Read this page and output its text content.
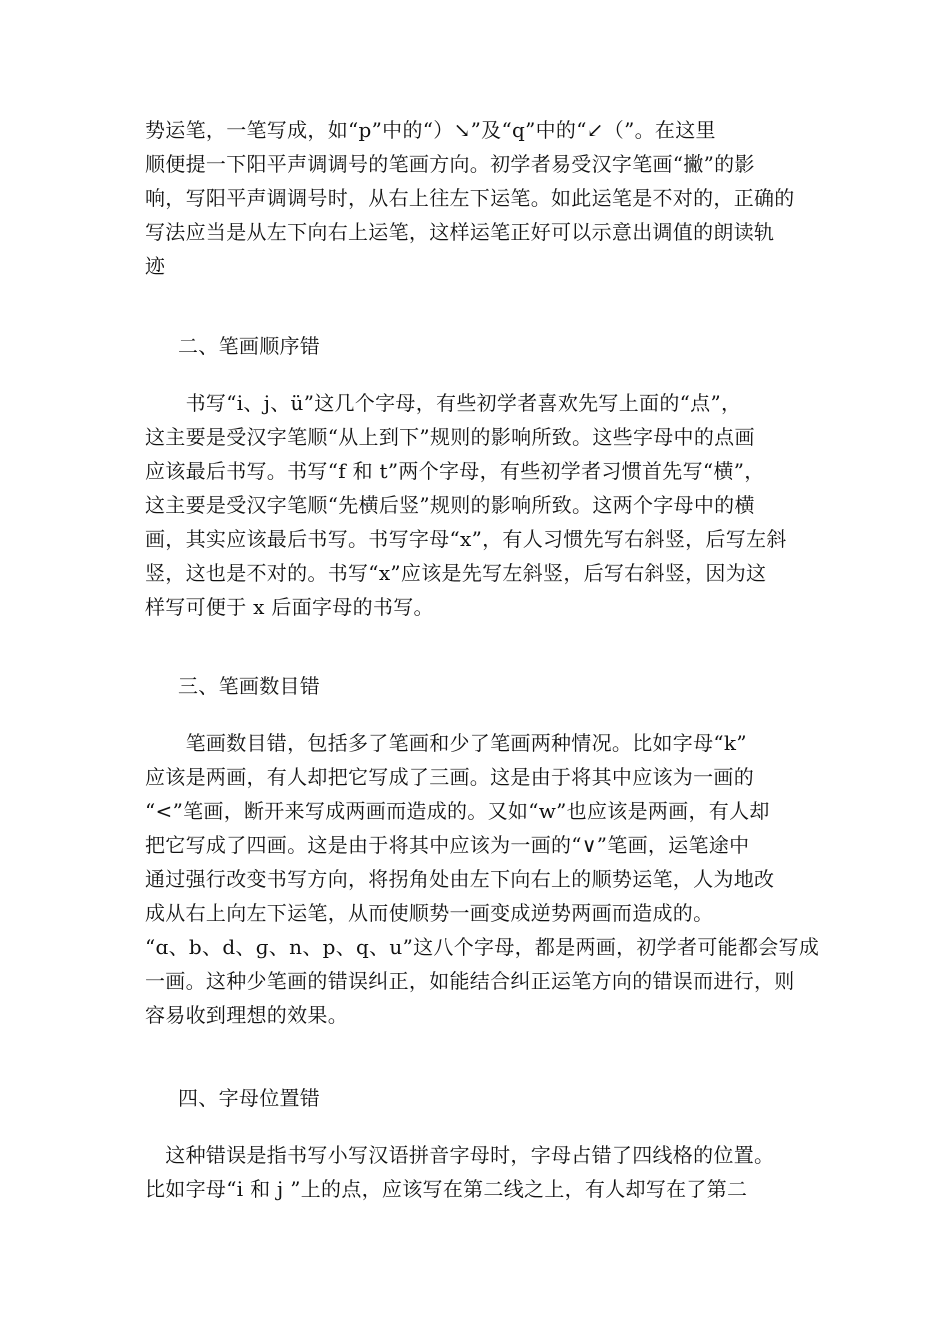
势运笔，一笔写成，如“p”中的“）↘”及“q”中的“↙（”。在这里
顺便提一下阳平声调调号的笔画方向。初学者易受汉字笔画“撇”的影
响，写阳平声调调号时，从右上往左下运笔。如此运笔是不对的，正确的
写法应当是从左下向右上运笔，这样运笔正好可以示意出调值的朗读轨
迹
二、笔画顺序错
　　书写“i、j、ü”这几个字母，有些初学者喜欢先写上面的“点”，
这主要是受汉字笔顺“从上到下”规则的影响所致。这些字母中的点画
应该最后书写。书写“f 和 t”两个字母，有些初学者习惯首先写“横”，
这主要是受汉字笔顺“先横后竖”规则的影响所致。这两个字母中的横
画，其实应该最后书写。书写字母“x”，有人习惯先写右斜竖，后写左斜
竖，这也是不对的。书写“x”应该是先写左斜竖，后写右斜竖，因为这
样写可便于 x 后面字母的书写。
三、笔画数目错
　　笔画数目错，包括多了笔画和少了笔画两种情况。比如字母“k”
应该是两画，有人却把它写成了三画。这是由于将其中应该为一画的
“<”笔画，断开来写成两画而造成的。又如“w”也应该是两画，有人却
把它写成了四画。这是由于将其中应该为一画的“∨”笔画，运笔途中
通过强行改变书写方向，将拐角处由左下向右上的顺势运笔，人为地改
成从右上向左下运笔，从而使顺势一画变成逆势两画而造成的。
“ɑ、b、d、ɡ、n、p、q、u”这八个字母，都是两画，初学者可能都会写成
一画。这种少笔画的错误纠正，如能结合纠正运笔方向的错误而进行，则
容易收到理想的效果。
四、字母位置错
　这种错误是指书写小写汉语拼音字母时，字母占错了四线格的位置。
比如字母“i 和 j ”上的点，应该写在第二线之上，有人却写在了第二
